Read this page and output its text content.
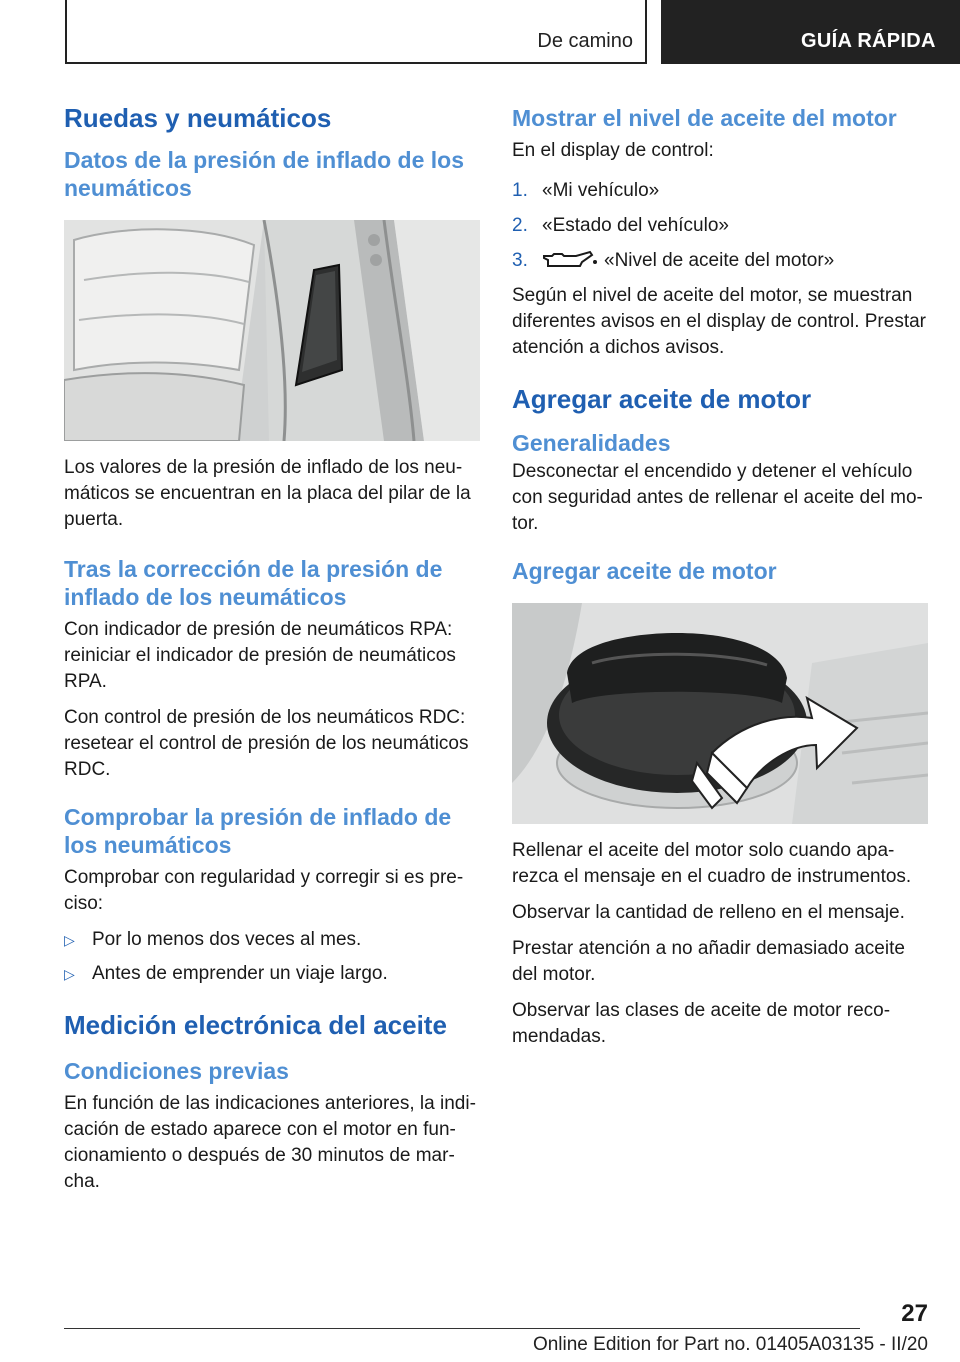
De camino	GUÍA RÁPIDA
Ruedas y neumáticos
Datos de la presión de inflado de los neumáticos

Los valores de la presión de inflado de los neumáticos se encuentran en la placa del pilar de la puerta.

Tras la corrección de la presión de inflado de los neumáticos

Con indicador de presión de neumáticos RPA: reiniciar el indicador de presión de neumáticos RPA.

Con control de presión de los neumáticos RDC: resetear el control de presión de los neumáticos RDC.

Comprobar la presión de inflado de los neumáticos

Comprobar con regularidad y corregir si es preciso:

▷ Por lo menos dos veces al mes.
▷ Antes de emprender un viaje largo.
Medición electrónica del aceite
Condiciones previas

En función de las indicaciones anteriores, la indicación de estado aparece con el motor en funcionamiento o después de 30 minutos de marcha.

Mostrar el nivel de aceite del motor

En el display de control:

1. «Mi vehículo»
2. «Estado del vehículo»
3.	«Nivel de aceite del motor»

Según el nivel de aceite del motor, se muestran diferentes avisos en el display de control. Prestar atención a dichos avisos.

Agregar aceite de motor
Generalidades

Desconectar el encendido y detener el vehículo con seguridad antes de rellenar el aceite del motor.

Agregar aceite de motor

Rellenar el aceite del motor solo cuando aparezca el mensaje en el cuadro de instrumentos.

Observar la cantidad de relleno en el mensaje.

Prestar atención a no añadir demasiado aceite del motor.

Observar las clases de aceite de motor recomendadas.

27
Online Edition for Part no. 01405A03135 - II/20
